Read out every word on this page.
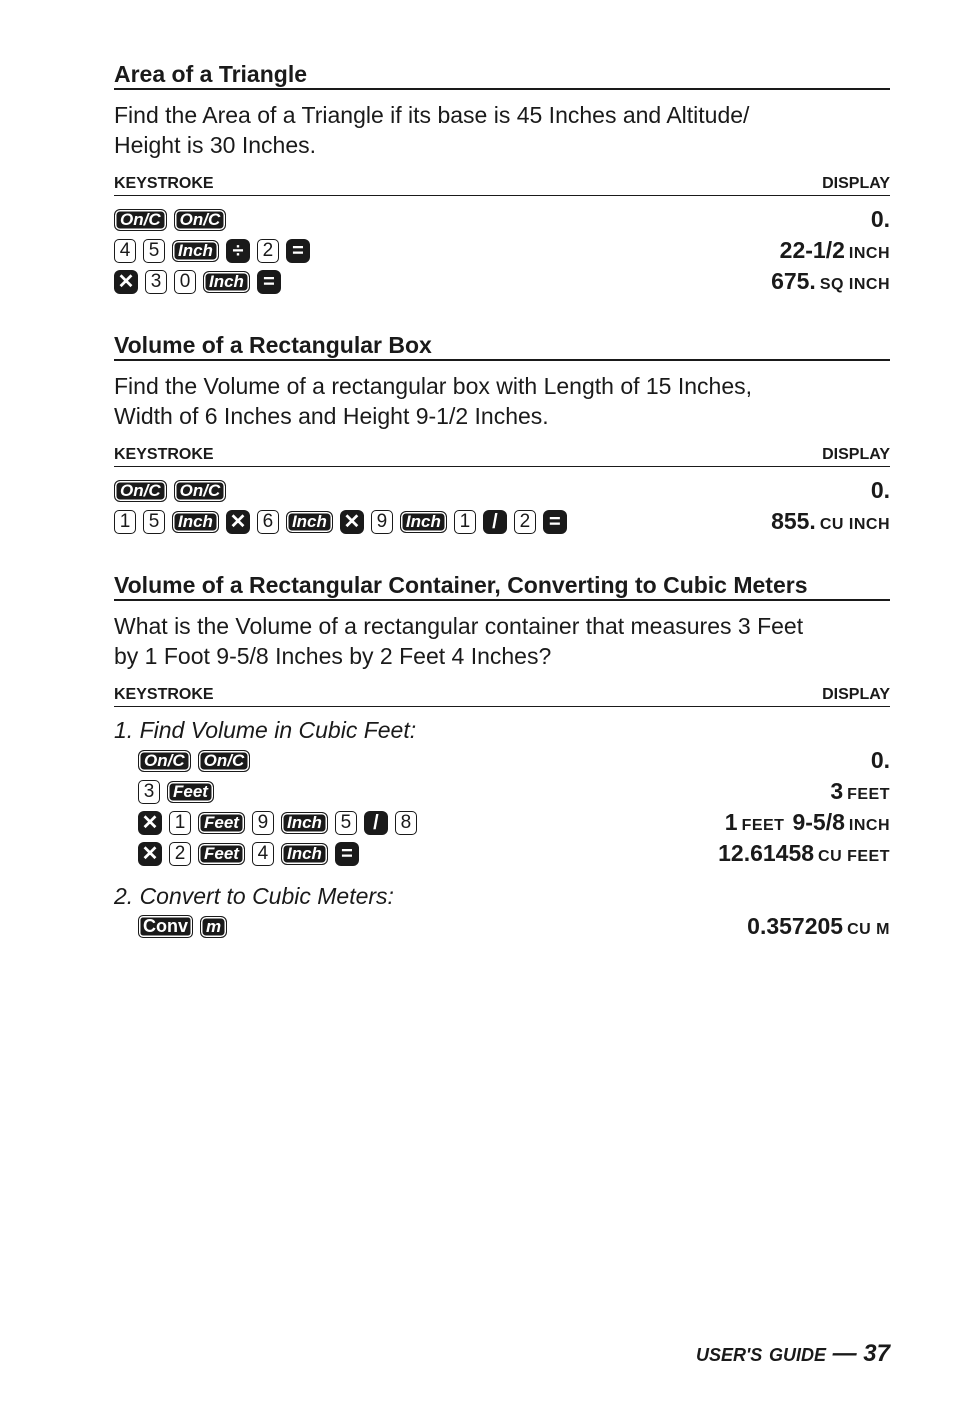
Area of a Triangle
Find the Area of a Triangle if its base is 45 Inches and Altitude/
Height is 30 Inches.
KEYSTROKE	DISPLAY
On/C	On/C	0.
4 5	Inch ÷	2 =	22-1/2 INCH
✕ 3 0	Inch =	675. SQ INCH
Volume of a Rectangular Box
Find the Volume of a rectangular box with Length of 15 Inches,
Width of 6 Inches and Height 9-1/2 Inches.
KEYSTROKE	DISPLAY
On/C	On/C	0.
1 5	Inch ✕ 6	Inch ✕ 9	Inch 1	/	2 =	855. CU INCH
Volume of a Rectangular Container, Converting to Cubic Meters
What is the Volume of a rectangular container that measures 3 Feet
by 1 Foot 9-5/8 Inches by 2 Feet 4 Inches?
KEYSTROKE	DISPLAY
1. Find Volume in Cubic Feet:
On/C	On/C	0.
3	Feet	3 FEET
✕ 1	Feet 9	Inch 5	/	8	1 FEET 9-5/8 INCH
✕ 2	Feet 4	Inch =	12.61458 CU FEET
2. Convert to Cubic Meters:
Conv	m	0.357205 CU M
USER'S GUIDE — 37
